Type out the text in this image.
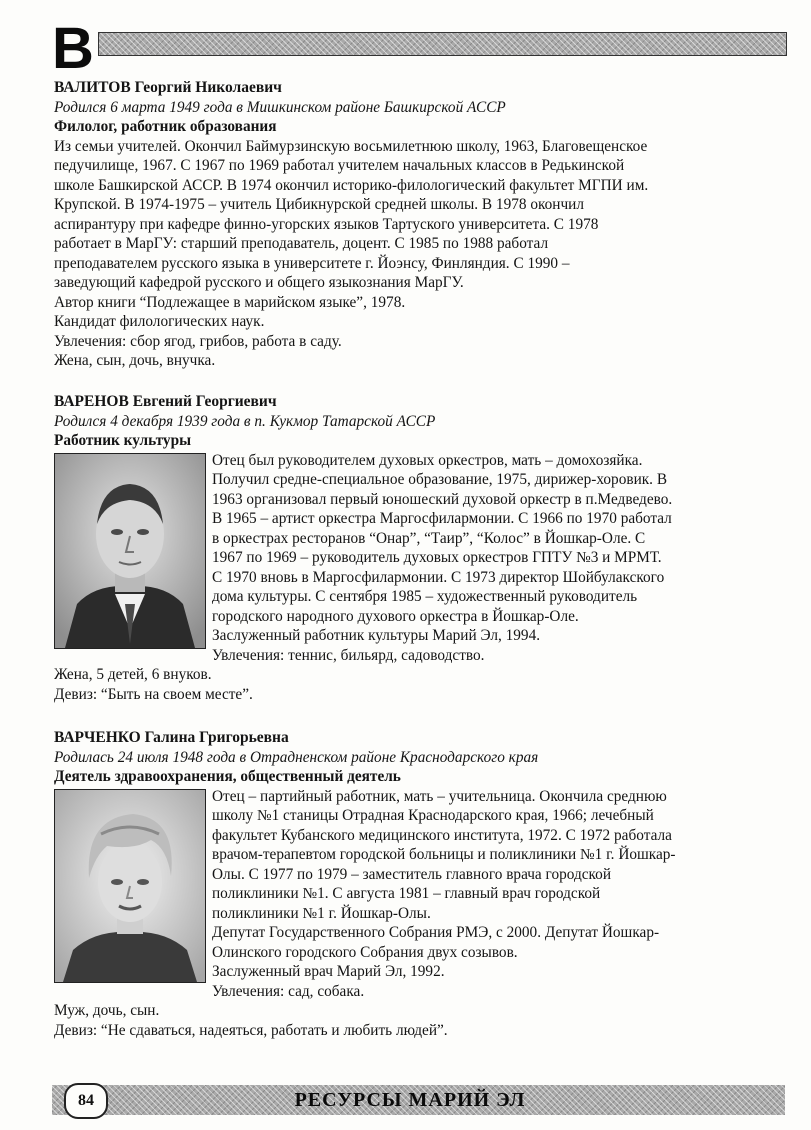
В
ВАЛИТОВ Георгий Николаевич
Родился 6 марта 1949 года в Мишкинском районе Башкирской АССР
Филолог, работник образования

Из семьи учителей. Окончил Баймурзинскую восьмилетнюю школу, 1963, Благовещенское

педучилище, 1967. С 1967 по 1969 работал учителем начальных классов в Редькинской

школе Башкирской АССР. В 1974 окончил историко-филологический факультет МГПИ им.

Крупской. В 1974-1975 – учитель Цибикнурской средней школы. В 1978 окончил

аспирантуру при кафедре финно-угорских языков Тартуского университета. С 1978

работает в МарГУ: старший преподаватель, доцент. С 1985 по 1988 работал

преподавателем русского языка в университете г. Йоэнсу, Финляндия. С 1990 –

заведующий кафедрой русского и общего языкознания МарГУ.

Автор книги “Подлежащее в марийском языке”, 1978.

Кандидат филологических наук.

Увлечения: сбор ягод, грибов, работа в саду.

Жена, сын, дочь, внучка.

ВАРЕНОВ Евгений Георгиевич
Родился 4 декабря 1939 года в п. Кукмор Татарской АССР
Работник культуры

Отец был руководителем духовых оркестров, мать – домохозяйка.

Получил средне-специальное образование, 1975, дирижер-хоровик. В

1963 организовал первый юношеский духовой оркестр в п.Медведево.

В 1965 – артист оркестра Маргосфилармонии. С 1966 по 1970 работал

в оркестрах ресторанов “Онар”, “Таир”, “Колос” в Йошкар-Оле. С

1967 по 1969 – руководитель духовых оркестров ГПТУ №3 и МРМТ.

С 1970 вновь в Маргосфилармонии. С 1973 директор Шойбулакского

дома культуры. С сентября 1985 – художественный руководитель

городского народного духового оркестра в Йошкар-Оле.

Заслуженный работник культуры Марий Эл, 1994.

Увлечения: теннис, бильярд, садоводство.

Жена, 5 детей, 6 внуков.

Девиз: “Быть на своем месте”.

ВАРЧЕНКО Галина Григорьевна
Родилась 24 июля 1948 года в Отрадненском районе Краснодарского края
Деятель здравоохранения, общественный деятель

Отец – партийный работник, мать – учительница. Окончила среднюю

школу №1 станицы Отрадная Краснодарского края, 1966; лечебный

факультет Кубанского медицинского института, 1972. С 1972 работала

врачом-терапевтом городской больницы и поликлиники №1 г. Йошкар-

Олы. С 1977 по 1979 – заместитель главного врача городской

поликлиники №1. С августа 1981 – главный врач городской

поликлиники №1 г. Йошкар-Олы.

Депутат Государственного Собрания РМЭ, с 2000. Депутат Йошкар-

Олинского городского Собрания двух созывов.

Заслуженный врач Марий Эл, 1992.

Увлечения: сад, собака.

Муж, дочь, сын.

Девиз: “Не сдаваться, надеяться, работать и любить людей”.

84	РЕСУРСЫ МАРИЙ ЭЛ
